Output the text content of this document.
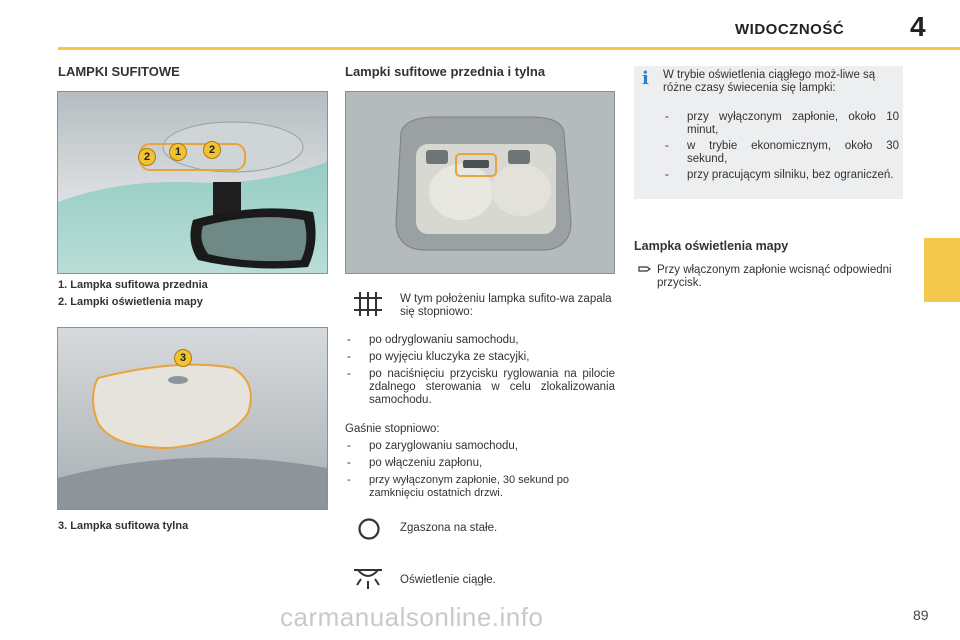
WIDOCZNOŚĆ 4
LAMPKI SUFITOWE
2	1	2
1. Lampka sufitowa przednia
2. Lampki oświetlenia mapy
3
3. Lampka sufitowa tylna
Lampki sufitowe przednia i tylna
W tym położeniu lampka sufito-wa zapala się stopniowo:
- po odryglowaniu samochodu,
- po wyjęciu kluczyka ze stacyjki,
- po naciśnięciu przycisku ryglowania na pilocie zdalnego sterowania w celu zlokalizowania samochodu.
Gaśnie stopniowo:
- po zaryglowaniu samochodu,
- po włączeniu zapłonu,
- przy wyłączonym zapłonie, 30 sekund po zamknięciu ostatnich drzwi.
Zgaszona na stałe.
Oświetlenie ciągłe.
i W trybie oświetlenia ciągłego moż-liwe są różne czasy świecenia się lampki:
- przy wyłączonym zapłonie, około 10 minut,
- w trybie ekonomicznym, około 30 sekund,
- przy pracującym silniku, bez ograniczeń.
Lampka oświetlenia mapy
Przy włączonym zapłonie wcisnąć odpowiedni przycisk.
carmanualsonline.info	89
